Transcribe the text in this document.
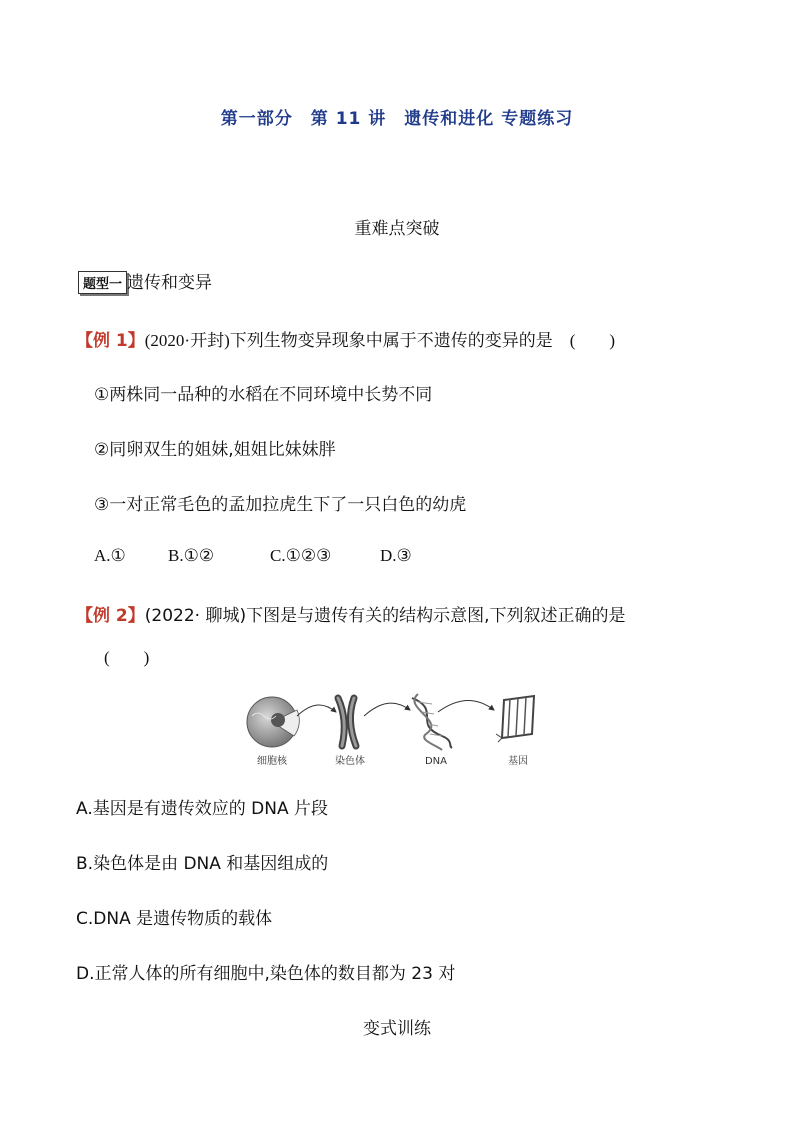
第一部分　第 11 讲　遗传和进化 专题练习
重难点突破
题型一 遗传和变异
【例 1】(2020·开封)下列生物变异现象中属于不遗传的变异的是　(　　)
①两株同一品种的水稻在不同环境中长势不同
②同卵双生的姐妹,姐姐比妹妹胖
③一对正常毛色的孟加拉虎生下了一只白色的幼虎
A.① B.①②	C.①②③	D.③
【例 2】(2022· 聊城)下图是与遗传有关的结构示意图,下列叙述正确的是
(　　)
细胞核	染色体	DNA	基因
A.基因是有遗传效应的 DNA 片段
B.染色体是由 DNA 和基因组成的
C.DNA 是遗传物质的载体
D.正常人体的所有细胞中,染色体的数目都为 23 对
变式训练
